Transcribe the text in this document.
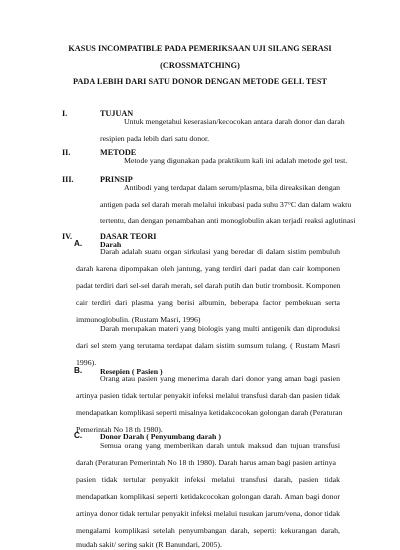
KASUS INCOMPATIBLE PADA PEMERIKSAAN UJI SILANG SERASI
(CROSSMATCHING)
PADA LEBIH DARI SATU DONOR DENGAN METODE GELL TEST
I.	TUJUAN
Untuk mengetahui keserasian/kecocokan antara darah donor dan darah
resipien pada lebih dari satu donor.
II.	METODE
Metode yang digunakan pada praktikum kali ini adalah metode gel test.
III.	PRINSIP
Antibodi yang terdapat dalam serum/plasma, bila direaksikan dengan
antigen pada sel darah merah melalui inkubasi pada suhu 37°C dan dalam waktu
tertentu, dan dengan penambahan anti monoglobulin akan terjadi reaksi aglutinasi
IV.	DASAR TEORI
A. Darah
Darah adalah suatu organ sirkulasi yang beredar di dalam sistim pembuluh
darah karena dipompakan oleh jantung, yang terdiri dari padat dan cair komponen
padat terdiri dari sel-sel darah merah, sel darah putih dan butir trombosit. Komponen
cair terdiri dari plasma yang berisi albumin, beberapa factor pembekuan serta
immunoglobulin. (Rustam Masri, 1996)
Darah merupakan materi yang biologis yang multi antigenik dan diproduksi
dari sel stem yang terutama terdapat dalam sistim sumsum tulang. ( Rustam Masri
1996).
B. Resepien ( Pasien )
Orang atau pasien yang menerima darah dari donor yang aman bagi pasien
artinya pasien tidak tertular penyakit infeksi melalui transfusi darah dan pasien tidak
mendapatkan komplikasi seperti misalnya ketidakcocokan golongan darah (Peraturan
Pemerintah No 18 th 1980).
C. Donor Darah ( Penyumbang darah )
Semua orang yang memberikan darah untuk maksud dan tujuan transfusi
darah (Peraturan Pemerintah No 18 th 1980). Darah harus aman bagi pasien artinya
pasien tidak tertular penyakit infeksi melalui transfusi darah, pasien tidak
mendapatkan komplikasi seperti ketidakcocokan golongan darah. Aman bagi donor
artinya donor tidak tertular penyakit infeksi melalui tusukan jarum/vena, donor tidak
mengalami komplikasi setelah penyumbangan darah, seperti: kekurangan darah,
mudah sakit/ sering sakit (R Banundari, 2005).
